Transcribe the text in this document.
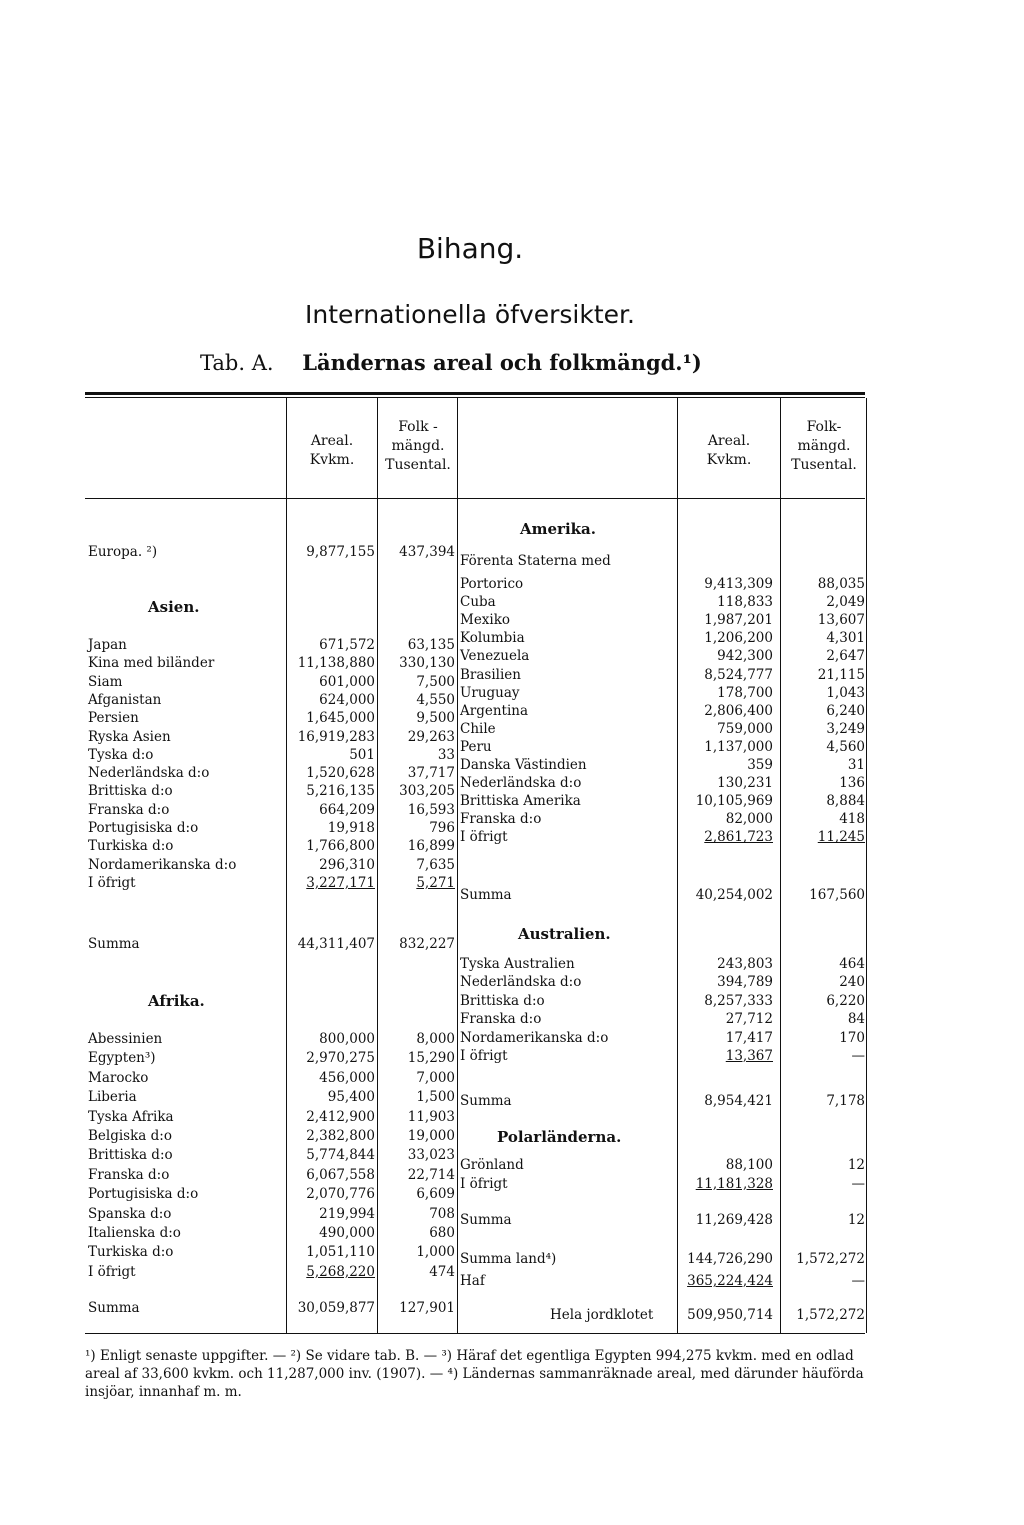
Bihang.
Internationella öfversikter.
Tab. A. Ländernas areal och folkmängd.¹)
Areal.
Kvkm.
Folk -
mängd.
Tusental.
Areal.
Kvkm.
Folk-
mängd.
Tusental.
Europa. ²)	9,877,155	437,394
Asien.
Japan	671,572	63,135
Kina med biländer	11,138,880	330,130
Siam	601,000	7,500
Afganistan	624,000	4,550
Persien	1,645,000	9,500
Ryska Asien	16,919,283	29,263
Tyska d:o	501	33
Nederländska d:o	1,520,628	37,717
Brittiska d:o	5,216,135	303,205
Franska d:o	664,209	16,593
Portugisiska d:o	19,918	796
Turkiska d:o	1,766,800	16,899
Nordamerikanska d:o	296,310	7,635
I öfrigt	3,227,171	5,271
Summa	44,311,407	832,227
Afrika.
Abessinien	800,000	8,000
Egypten³)	2,970,275	15,290
Marocko	456,000	7,000
Liberia	95,400	1,500
Tyska Afrika	2,412,900	11,903
Belgiska d:o	2,382,800	19,000
Brittiska d:o	5,774,844	33,023
Franska d:o	6,067,558	22,714
Portugisiska d:o	2,070,776	6,609
Spanska d:o	219,994	708
Italienska d:o	490,000	680
Turkiska d:o	1,051,110	1,000
I öfrigt	5,268,220	474
Summa	30,059,877	127,901
Amerika.
Förenta Staterna med
Portorico	9,413,309	88,035
Cuba	118,833	2,049
Mexiko	1,987,201	13,607
Kolumbia	1,206,200	4,301
Venezuela	942,300	2,647
Brasilien	8,524,777	21,115
Uruguay	178,700	1,043
Argentina	2,806,400	6,240
Chile	759,000	3,249
Peru	1,137,000	4,560
Danska Västindien	359	31
Nederländska d:o	130,231	136
Brittiska Amerika	10,105,969	8,884
Franska d:o	82,000	418
I öfrigt	2,861,723	11,245
Summa	40,254,002	167,560
Australien.
Tyska Australien	243,803	464
Nederländska d:o	394,789	240
Brittiska d:o	8,257,333	6,220
Franska d:o	27,712	84
Nordamerikanska d:o	17,417	170
I öfrigt	13,367	—
Summa	8,954,421	7,178
Polarländerna.
Grönland	88,100	12
I öfrigt	11,181,328	—
Summa	11,269,428	12
Summa land⁴)	144,726,290	1,572,272
Haf	365,224,424	—
Hela jordklotet	509,950,714	1,572,272
¹) Enligt senaste uppgifter. — ²) Se vidare tab. B. — ³) Häraf det egentliga Egypten 994,275 kvkm. med en odlad areal af 33,600 kvkm. och 11,287,000 inv. (1907). — ⁴) Ländernas sammanräknade areal, med därunder häuförda insjöar, innanhaf m. m.
